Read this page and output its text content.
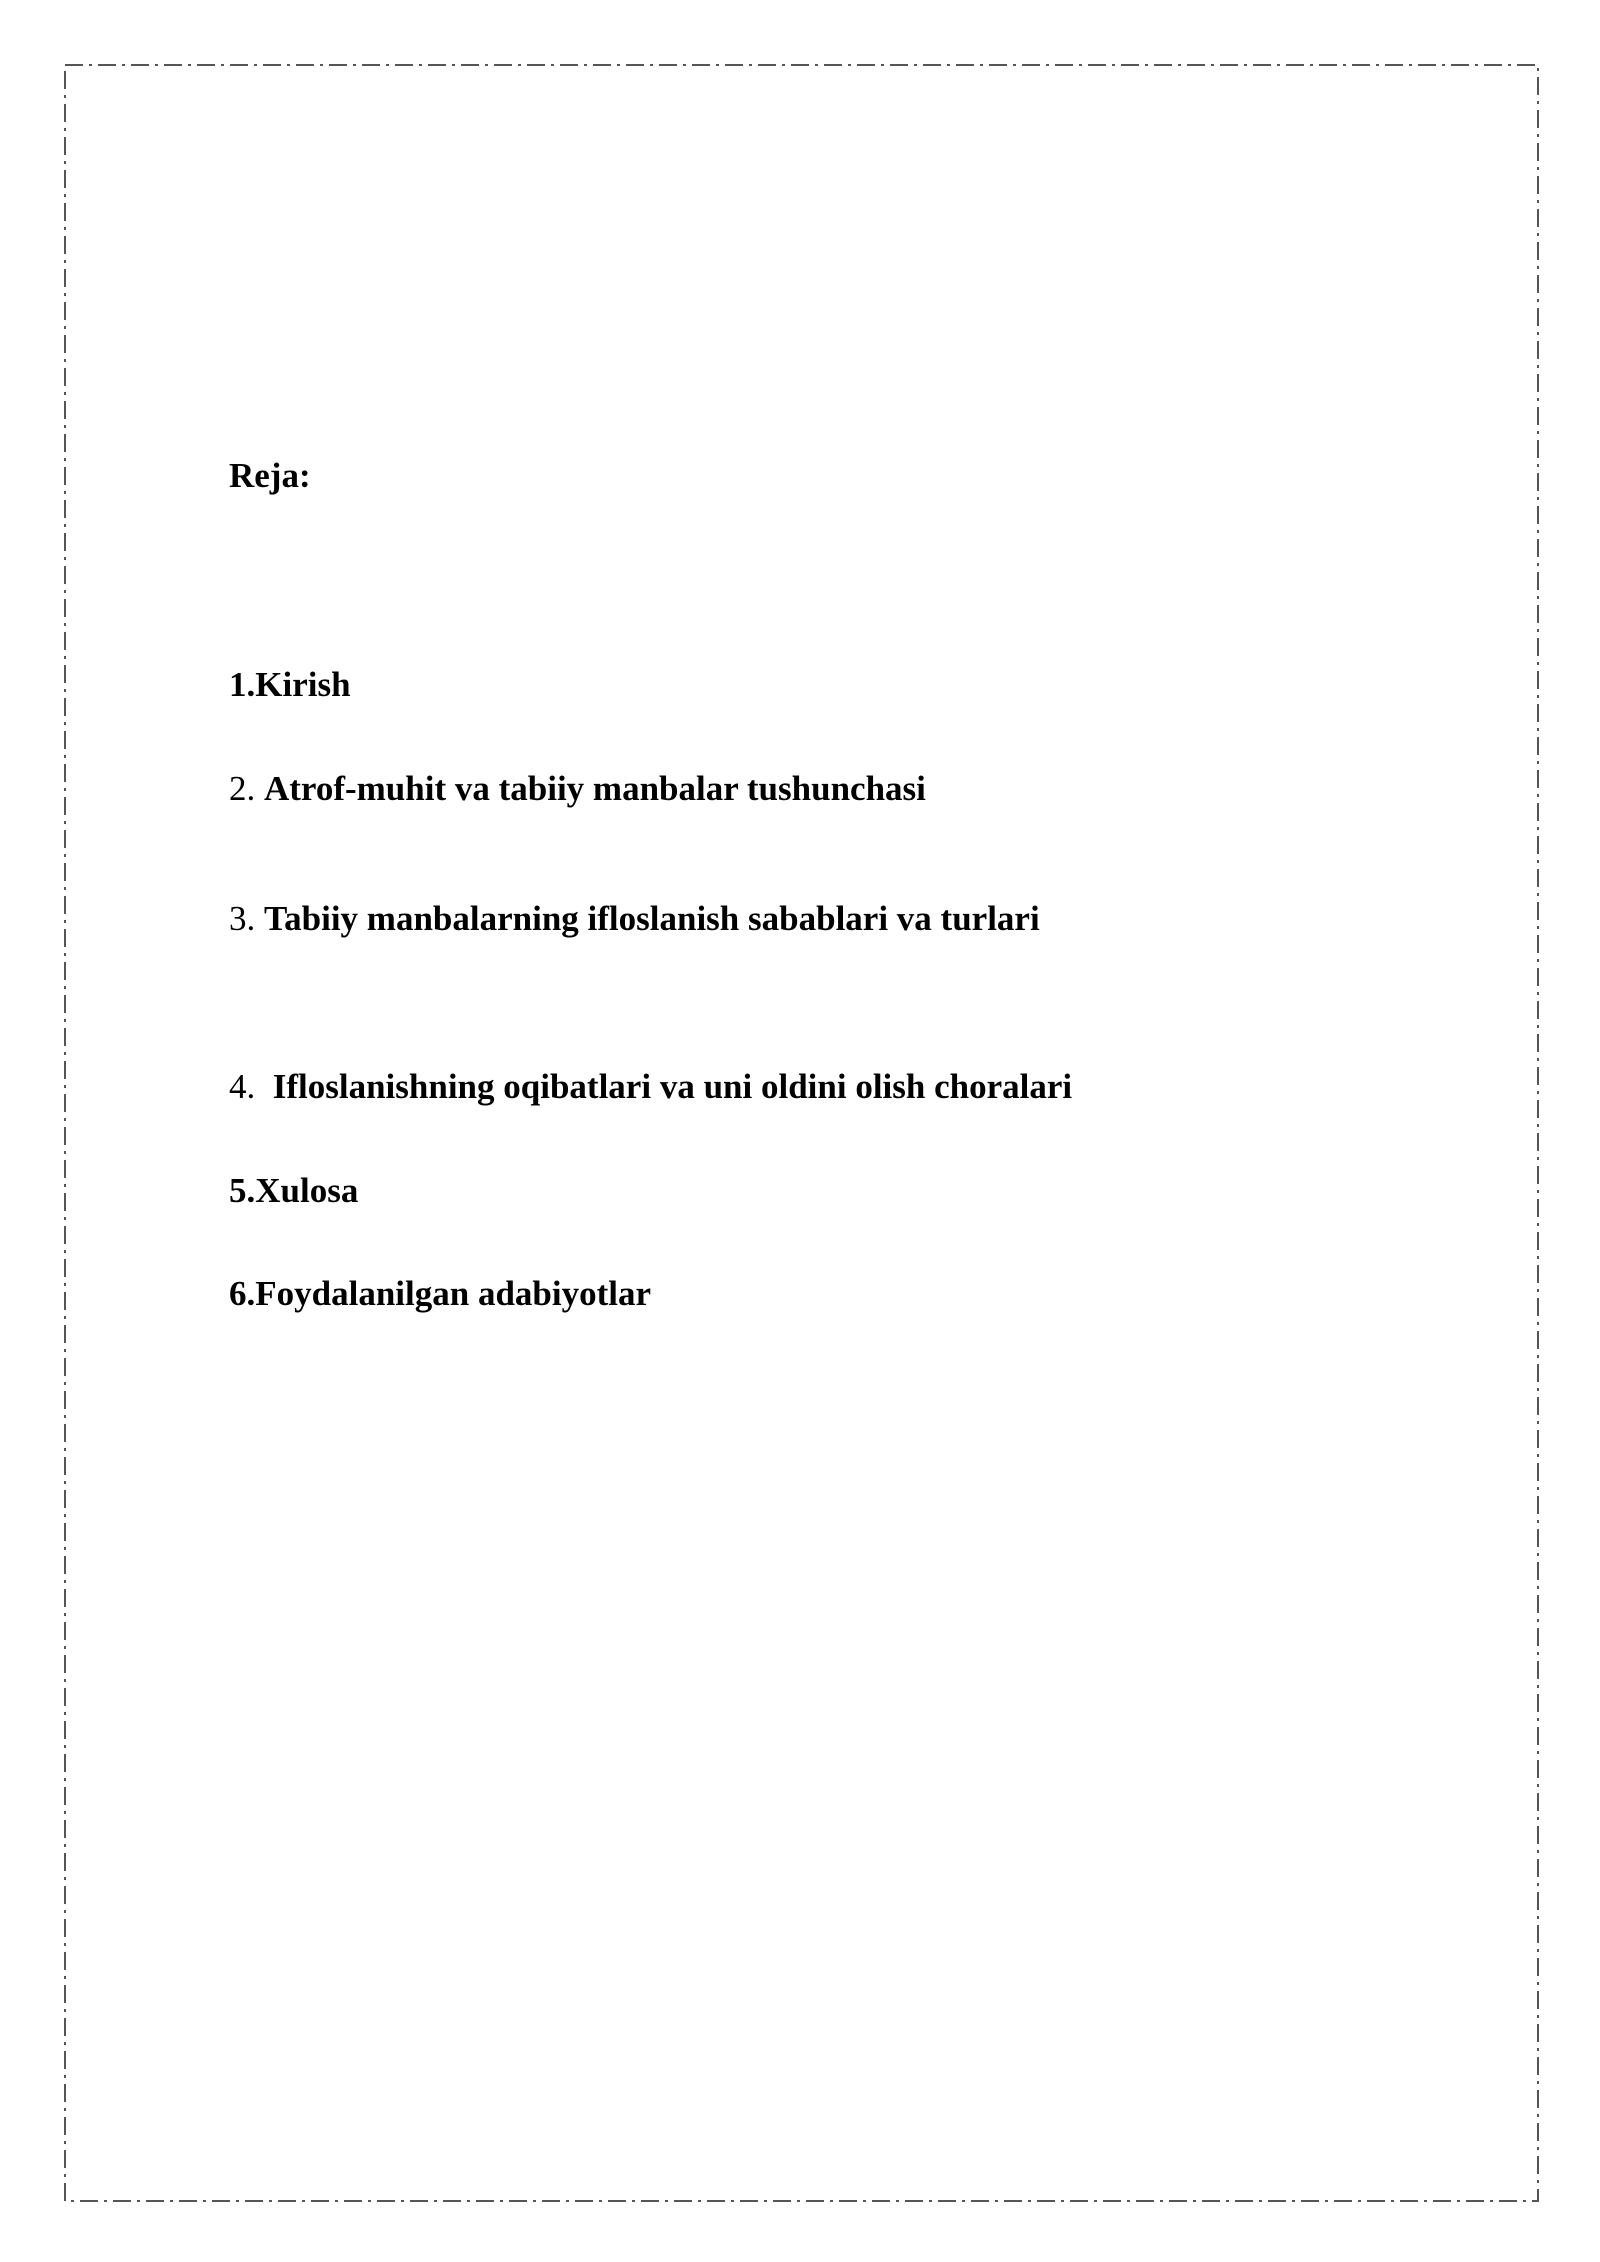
Reja:
1.Kirish
2. Atrof-muhit va tabiiy manbalar tushunchasi
3. Tabiiy manbalarning ifloslanish sabablari va turlari
4.  Ifloslanishning oqibatlari va uni oldini olish choralari
5.Xulosa
6.Foydalanilgan adabiyotlar
